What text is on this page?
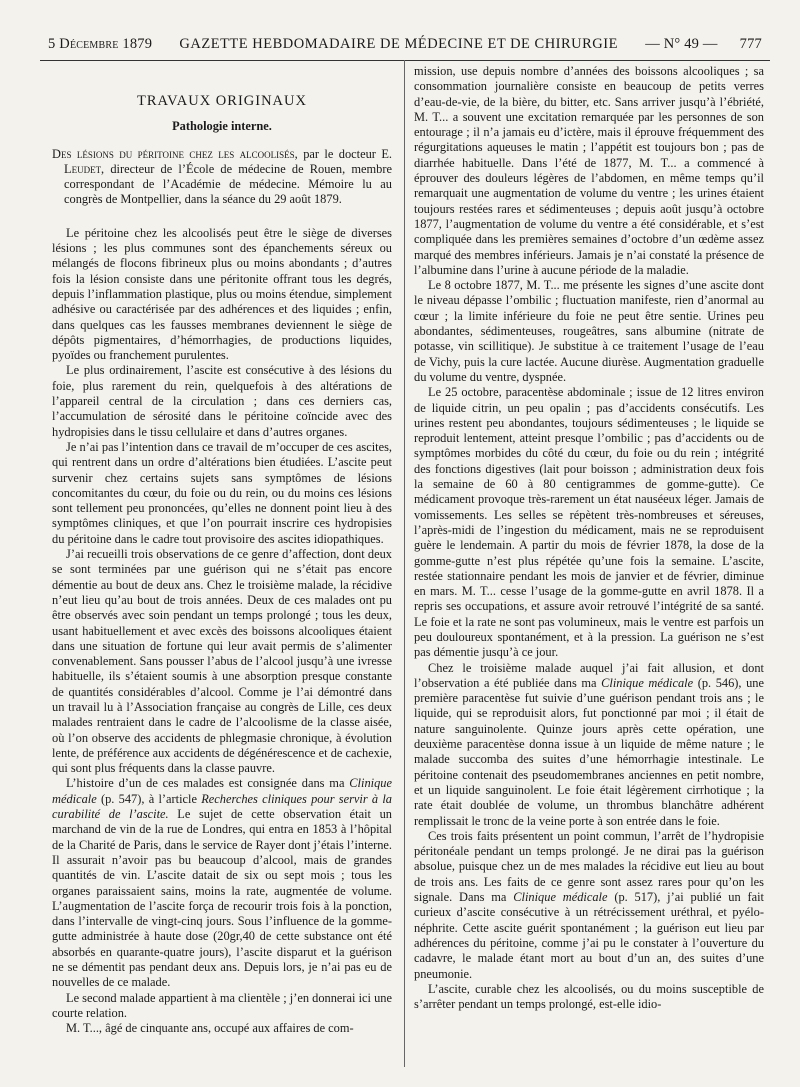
5 Décembre 1879 GAZETTE HEBDOMADAIRE DE MÉDECINE ET DE CHIRURGIE — N° 49 — 777
TRAVAUX ORIGINAUX
Pathologie interne.
Des lésions du péritoine chez les alcoolisés, par le docteur E. Leudet, directeur de l’École de médecine de Rouen, membre correspondant de l’Académie de médecine. Mémoire lu au congrès de Montpellier, dans la séance du 29 août 1879.

Le péritoine chez les alcoolisés peut être le siège de diverses lésions ; les plus communes sont des épanchements séreux ou mélangés de flocons fibrineux plus ou moins abondants ; d’autres fois la lésion consiste dans une péritonite offrant tous les degrés, depuis l’inflammation plastique, plus ou moins étendue, simplement adhésive ou caractérisée par des adhérences et des liquides ; enfin, dans quelques cas les fausses membranes deviennent le siège de dépôts pigmentaires, d’hémorrhagies, de productions liquides, pyoïdes ou franchement purulentes.

Le plus ordinairement, l’ascite est consécutive à des lésions du foie, plus rarement du rein, quelquefois à des altérations de l’appareil central de la circulation ; dans ces derniers cas, l’accumulation de sérosité dans le péritoine coïncide avec des hydropisies dans le tissu cellulaire et dans d’autres organes.

Je n’ai pas l’intention dans ce travail de m’occuper de ces ascites, qui rentrent dans un ordre d’altérations bien étudiées. L’ascite peut survenir chez certains sujets sans symptômes de lésions concomitantes du cœur, du foie ou du rein, ou du moins ces lésions sont tellement peu prononcées, qu’elles ne donnent point lieu à des symptômes cliniques, et que l’on pourrait inscrire ces hydropisies du péritoine dans le cadre tout provisoire des ascites idiopathiques.

J’ai recueilli trois observations de ce genre d’affection, dont deux se sont terminées par une guérison qui ne s’était pas encore démentie au bout de deux ans. Chez le troisième malade, la récidive n’eut lieu qu’au bout de trois années. Deux de ces malades ont pu être observés avec soin pendant un temps prolongé ; tous les deux, usant habituellement et avec excès des boissons alcooliques étaient dans une situation de fortune qui leur avait permis de s’alimenter convenablement. Sans pousser l’abus de l’alcool jusqu’à une ivresse habituelle, ils s’étaient soumis à une absorption presque constante de quantités considérables d’alcool. Comme je l’ai démontré dans un travail lu à l’Association française au congrès de Lille, ces deux malades rentraient dans le cadre de l’alcoolisme de la classe aisée, où l’on observe des accidents de phlegmasie chronique, à évolution lente, de préférence aux accidents de dégénérescence et de cachexie, qui sont plus fréquents dans la classe pauvre.

L’histoire d’un de ces malades est consignée dans ma Clinique médicale (p. 547), à l’article Recherches cliniques pour servir à la curabilité de l’ascite. Le sujet de cette observation était un marchand de vin de la rue de Londres, qui entra en 1853 à l’hôpital de la Charité de Paris, dans le service de Rayer dont j’étais l’interne. Il assurait n’avoir pas bu beaucoup d’alcool, mais de grandes quantités de vin. L’ascite datait de six ou sept mois ; tous les organes paraissaient sains, moins la rate, augmentée de volume. L’augmentation de l’ascite força de recourir trois fois à la ponction, dans l’intervalle de vingt-cinq jours. Sous l’influence de la gomme-gutte administrée à haute dose (20gr,40 de cette substance ont été absorbés en quarante-quatre jours), l’ascite disparut et la guérison ne se démentit pas pendant deux ans. Depuis lors, je n’ai pas eu de nouvelles de ce malade.

Le second malade appartient à ma clientèle ; j’en donnerai ici une courte relation.

M. T..., âgé de cinquante ans, occupé aux affaires de com-

mission, use depuis nombre d’années des boissons alcooliques ; sa consommation journalière consiste en beaucoup de petits verres d’eau-de-vie, de la bière, du bitter, etc. Sans arriver jusqu’à l’ébriété, M. T... a souvent une excitation remarquée par les personnes de son entourage ; il n’a jamais eu d’ictère, mais il éprouve fréquemment des régurgitations aqueuses le matin ; l’appétit est toujours bon ; pas de diarrhée habituelle. Dans l’été de 1877, M. T... a commencé à éprouver des douleurs légères de l’abdomen, en même temps qu’il remarquait une augmentation de volume du ventre ; les urines étaient toujours restées rares et sédimenteuses ; depuis août jusqu’à octobre 1877, l’augmentation de volume du ventre a été considérable, et s’est compliquée dans les premières semaines d’octobre d’un œdème assez marqué des membres inférieurs. Jamais je n’ai constaté la présence de l’albumine dans l’urine à aucune période de la maladie.

Le 8 octobre 1877, M. T... me présente les signes d’une ascite dont le niveau dépasse l’ombilic ; fluctuation manifeste, rien d’anormal au cœur ; la limite inférieure du foie ne peut être sentie. Urines peu abondantes, sédimenteuses, rougeâtres, sans albumine (nitrate de potasse, vin scillitique). Je substitue à ce traitement l’usage de l’eau de Vichy, puis la cure lactée. Aucune diurèse. Augmentation graduelle du volume du ventre, dyspnée.

Le 25 octobre, paracentèse abdominale ; issue de 12 litres environ de liquide citrin, un peu opalin ; pas d’accidents consécutifs. Les urines restent peu abondantes, toujours sédimenteuses ; le liquide se reproduit lentement, atteint presque l’ombilic ; pas d’accidents ou de symptômes morbides du côté du cœur, du foie ou du rein ; intégrité des fonctions digestives (lait pour boisson ; administration deux fois la semaine de 60 à 80 centigrammes de gomme-gutte). Ce médicament provoque très-rarement un état nauséeux léger. Jamais de vomissements. Les selles se répètent très-nombreuses et séreuses, l’après-midi de l’ingestion du médicament, mais ne se reproduisent guère le lendemain. A partir du mois de février 1878, la dose de la gomme-gutte n’est plus répétée qu’une fois la semaine. L’ascite, restée stationnaire pendant les mois de janvier et de février, diminue en mars. M. T... cesse l’usage de la gomme-gutte en avril 1878. Il a repris ses occupations, et assure avoir retrouvé l’intégrité de sa santé. Le foie et la rate ne sont pas volumineux, mais le ventre est parfois un peu douloureux spontanément, et à la pression. La guérison ne s’est pas démentie jusqu’à ce jour.

Chez le troisième malade auquel j’ai fait allusion, et dont l’observation a été publiée dans ma Clinique médicale (p. 546), une première paracentèse fut suivie d’une guérison pendant trois ans ; le liquide, qui se reproduisit alors, fut ponctionné par moi ; il était de nature sanguinolente. Quinze jours après cette opération, une deuxième paracentèse donna issue à un liquide de même nature ; le malade succomba des suites d’une hémorrhagie intestinale. Le péritoine contenait des pseudomembranes anciennes en petit nombre, et un liquide sanguinolent. Le foie était légèrement cirrhotique ; la rate était doublée de volume, un thrombus blanchâtre adhérent remplissait le tronc de la veine porte à son entrée dans le foie.

Ces trois faits présentent un point commun, l’arrêt de l’hydropisie péritonéale pendant un temps prolongé. Je ne dirai pas la guérison absolue, puisque chez un de mes malades la récidive eut lieu au bout de trois ans. Les faits de ce genre sont assez rares pour qu’on les signale. Dans ma Clinique médicale (p. 517), j’ai publié un fait curieux d’ascite consécutive à un rétrécissement uréthral, et pyélo-néphrite. Cette ascite guérit spontanément ; la guérison eut lieu par adhérences du péritoine, comme j’ai pu le constater à l’ouverture du cadavre, le malade étant mort au bout d’un an, des suites d’une pneumonie.

L’ascite, curable chez les alcoolisés, ou du moins susceptible de s’arrêter pendant un temps prolongé, est-elle idio-
